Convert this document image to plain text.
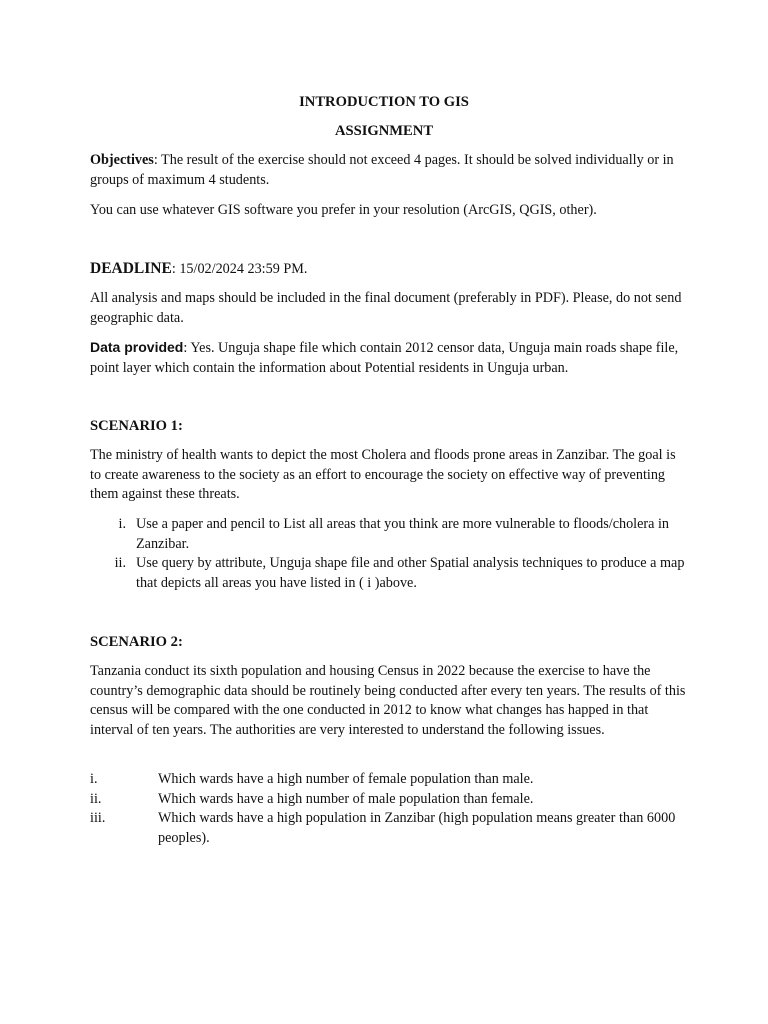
INTRODUCTION TO GIS
ASSIGNMENT

Objectives: The result of the exercise should not exceed 4 pages. It should be solved individually or in groups of maximum 4 students.

You can use whatever GIS software you prefer in your resolution (ArcGIS, QGIS, other).

DEADLINE: 15/02/2024 23:59 PM.

All analysis and maps should be included in the final document (preferably in PDF). Please, do not send geographic data.

Data provided: Yes. Unguja shape file which contain 2012 censor data, Unguja main roads shape file, point layer which contain the information about Potential residents in Unguja urban.

SCENARIO 1:

The ministry of health wants to depict the most Cholera and floods prone areas in Zanzibar. The goal is to create awareness to the society as an effort to encourage the society on effective way of preventing them against these threats.

i. Use a paper and pencil to List all areas that you think are more vulnerable to floods/cholera in Zanzibar.
ii. Use query by attribute, Unguja shape file and other Spatial analysis techniques to produce a map that depicts all areas you have listed in ( i )above.

SCENARIO 2:

Tanzania conduct its sixth population and housing Census in 2022 because the exercise to have the country’s demographic data should be routinely being conducted after every ten years. The results of this census will be compared with the one conducted in 2012 to know what changes has happed in that interval of ten years. The authorities are very interested to understand the following issues.

i.	Which wards have a high number of female population than male.
ii.	Which wards have a high number of male population than female.
iii.	Which wards have a high population in Zanzibar (high population means greater than 6000 peoples).
